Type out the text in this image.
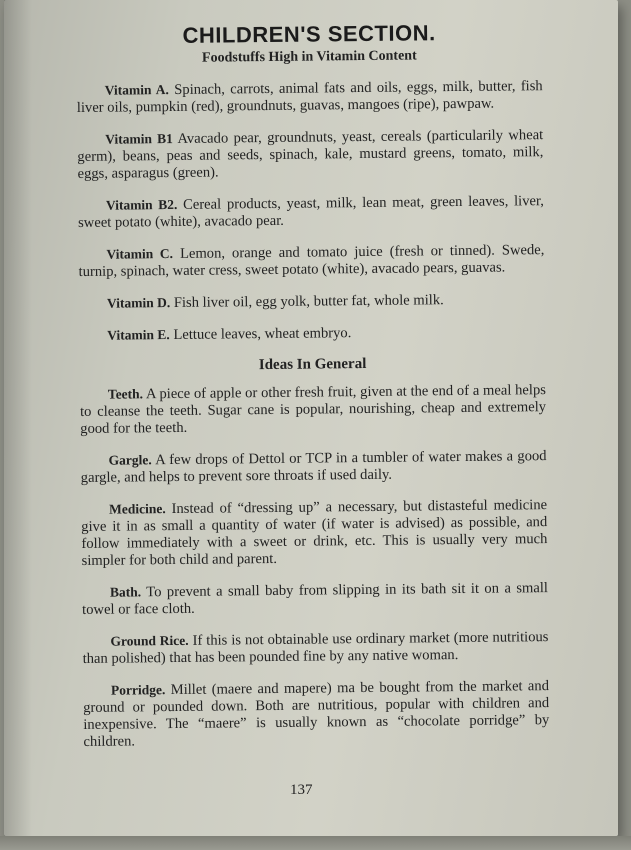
CHILDREN'S SECTION.
Foodstuffs High in Vitamin Content

Vitamin A. Spinach, carrots, animal fats and oils, eggs, milk, butter, fish liver oils, pumpkin (red), groundnuts, guavas, mangoes (ripe), pawpaw.

Vitamin B1 Avacado pear, groundnuts, yeast, cereals (particularily wheat germ), beans, peas and seeds, spinach, kale, mustard greens, tomato, milk, eggs, asparagus (green).

Vitamin B2. Cereal products, yeast, milk, lean meat, green leaves, liver, sweet potato (white), avacado pear.

Vitamin C. Lemon, orange and tomato juice (fresh or tinned). Swede, turnip, spinach, water cress, sweet potato (white), avacado pears, guavas.

Vitamin D. Fish liver oil, egg yolk, butter fat, whole milk.

Vitamin E. Lettuce leaves, wheat embryo.

Ideas In General

Teeth. A piece of apple or other fresh fruit, given at the end of a meal helps to cleanse the teeth. Sugar cane is popular, nourishing, cheap and extremely good for the teeth.

Gargle. A few drops of Dettol or TCP in a tumbler of water makes a good gargle, and helps to prevent sore throats if used daily.

Medicine. Instead of “dressing up” a necessary, but distasteful medicine give it in as small a quantity of water (if water is advised) as possible, and follow immediately with a sweet or drink, etc. This is usually very much simpler for both child and parent.

Bath. To prevent a small baby from slipping in its bath sit it on a small towel or face cloth.

Ground Rice. If this is not obtainable use ordinary market (more nutritious than polished) that has been pounded fine by any native woman.

Porridge. Millet (maere and mapere) ma be bought from the market and ground or pounded down. Both are nutritious, popular with children and inexpensive. The “maere” is usually known as “chocolate porridge” by children.

137
